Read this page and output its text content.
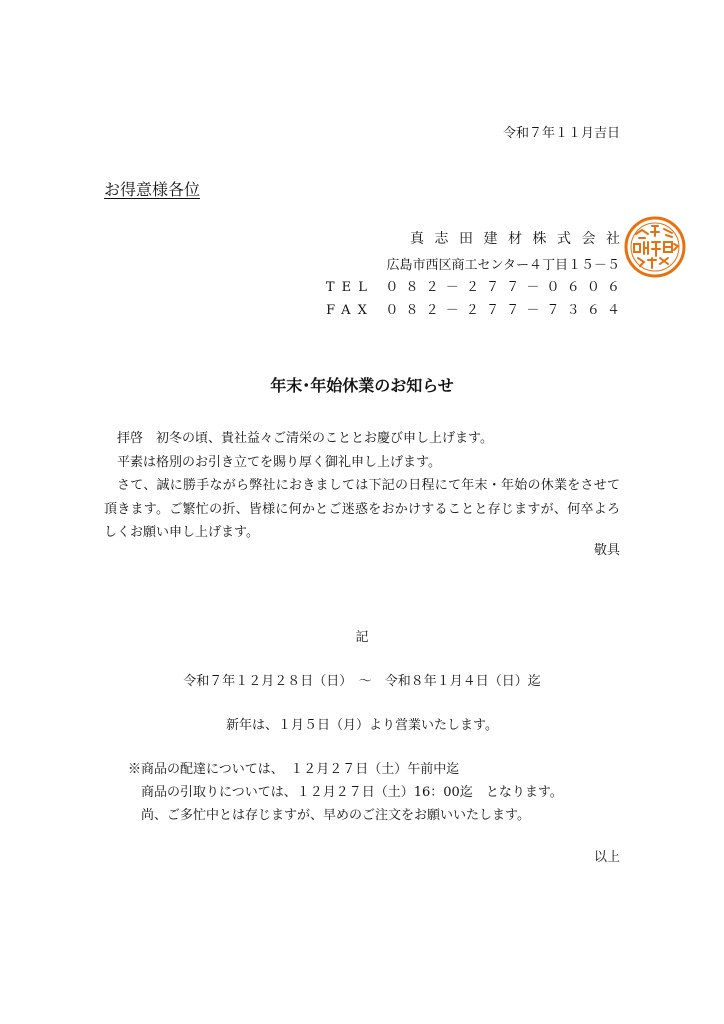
令和７年１１月吉日
お得意様各位
真志田建材株式会社
広島市西区商工センター４丁目１５－５
TEL ０８２－２７７－０６０６
FAX ０８２－２７７－７３６４
年末･年始休業のお知らせ

拝啓　初冬の頃、貴社益々ご清栄のこととお慶び申し上げます。

平素は格別のお引き立てを賜り厚く御礼申し上げます。

さて、誠に勝手ながら弊社におきましては下記の日程にて年末・年始の休業をさせて頂きます。ご繁忙の折、皆様に何かとご迷惑をおかけすることと存じますが、何卒よろしくお願い申し上げます。

敬具
記
令和７年１２月２８日（日）　～　令和８年１月４日（日）迄
新年は、１月５日（月）より営業いたします。
※商品の配達については、　１２月２７日（土）午前中迄
商品の引取りについては、１２月２７日（土）16：00迄　となります。
尚、ご多忙中とは存じますが、早めのご注文をお願いいたします。
以上
